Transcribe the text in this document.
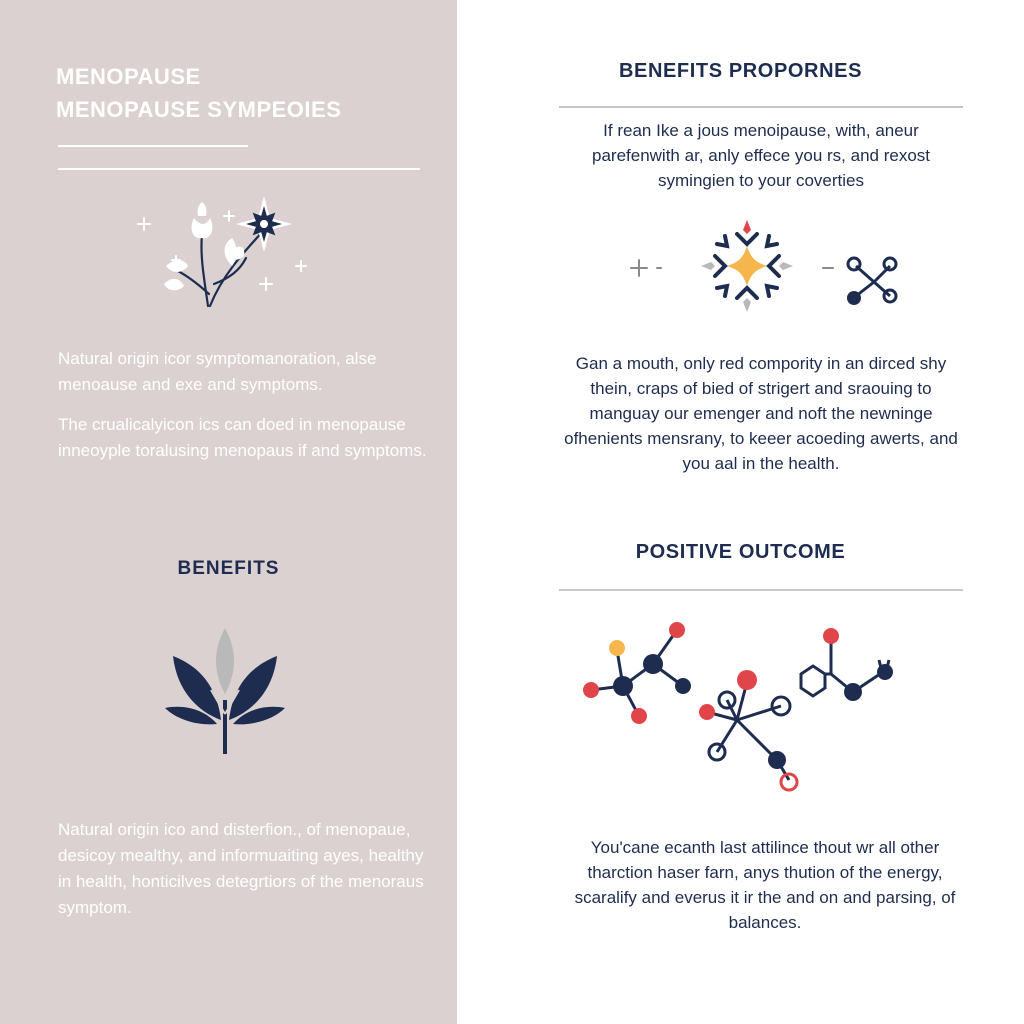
MENOPAUSE
MENOPAUSE SYMPEOIES
Natural origin icor symptomanoration, alse menoause and exe and symptoms.
The crualicalyicon ics can doed in menopause inneoyple toralusing menopaus if and symptoms.
BENEFITS
Natural origin ico and disterfion., of menopaue, desicoy mealthy, and informuaiting ayes, healthy in health, honticilves detegrtiors of the menoraus symptom.
BENEFITS PROPORNES
If rean Ike a jous menoipause, with, aneur parefenwith ar, anly effece you rs, and rexost symingien to your coverties
Gan a mouth, only red compority in an dirced shy thein, craps of bied of strigert and sraouing to manguay our emenger and noft the newninge ofhenients mensrany, to keeer acoeding awerts, and you aal in the health.
POSITIVE OUTCOME
You'cane ecanth last attilince thout wr all other tharction haser farn, anys thution of the energy, scaralify and everus it ir the and on and parsing, of balances.
